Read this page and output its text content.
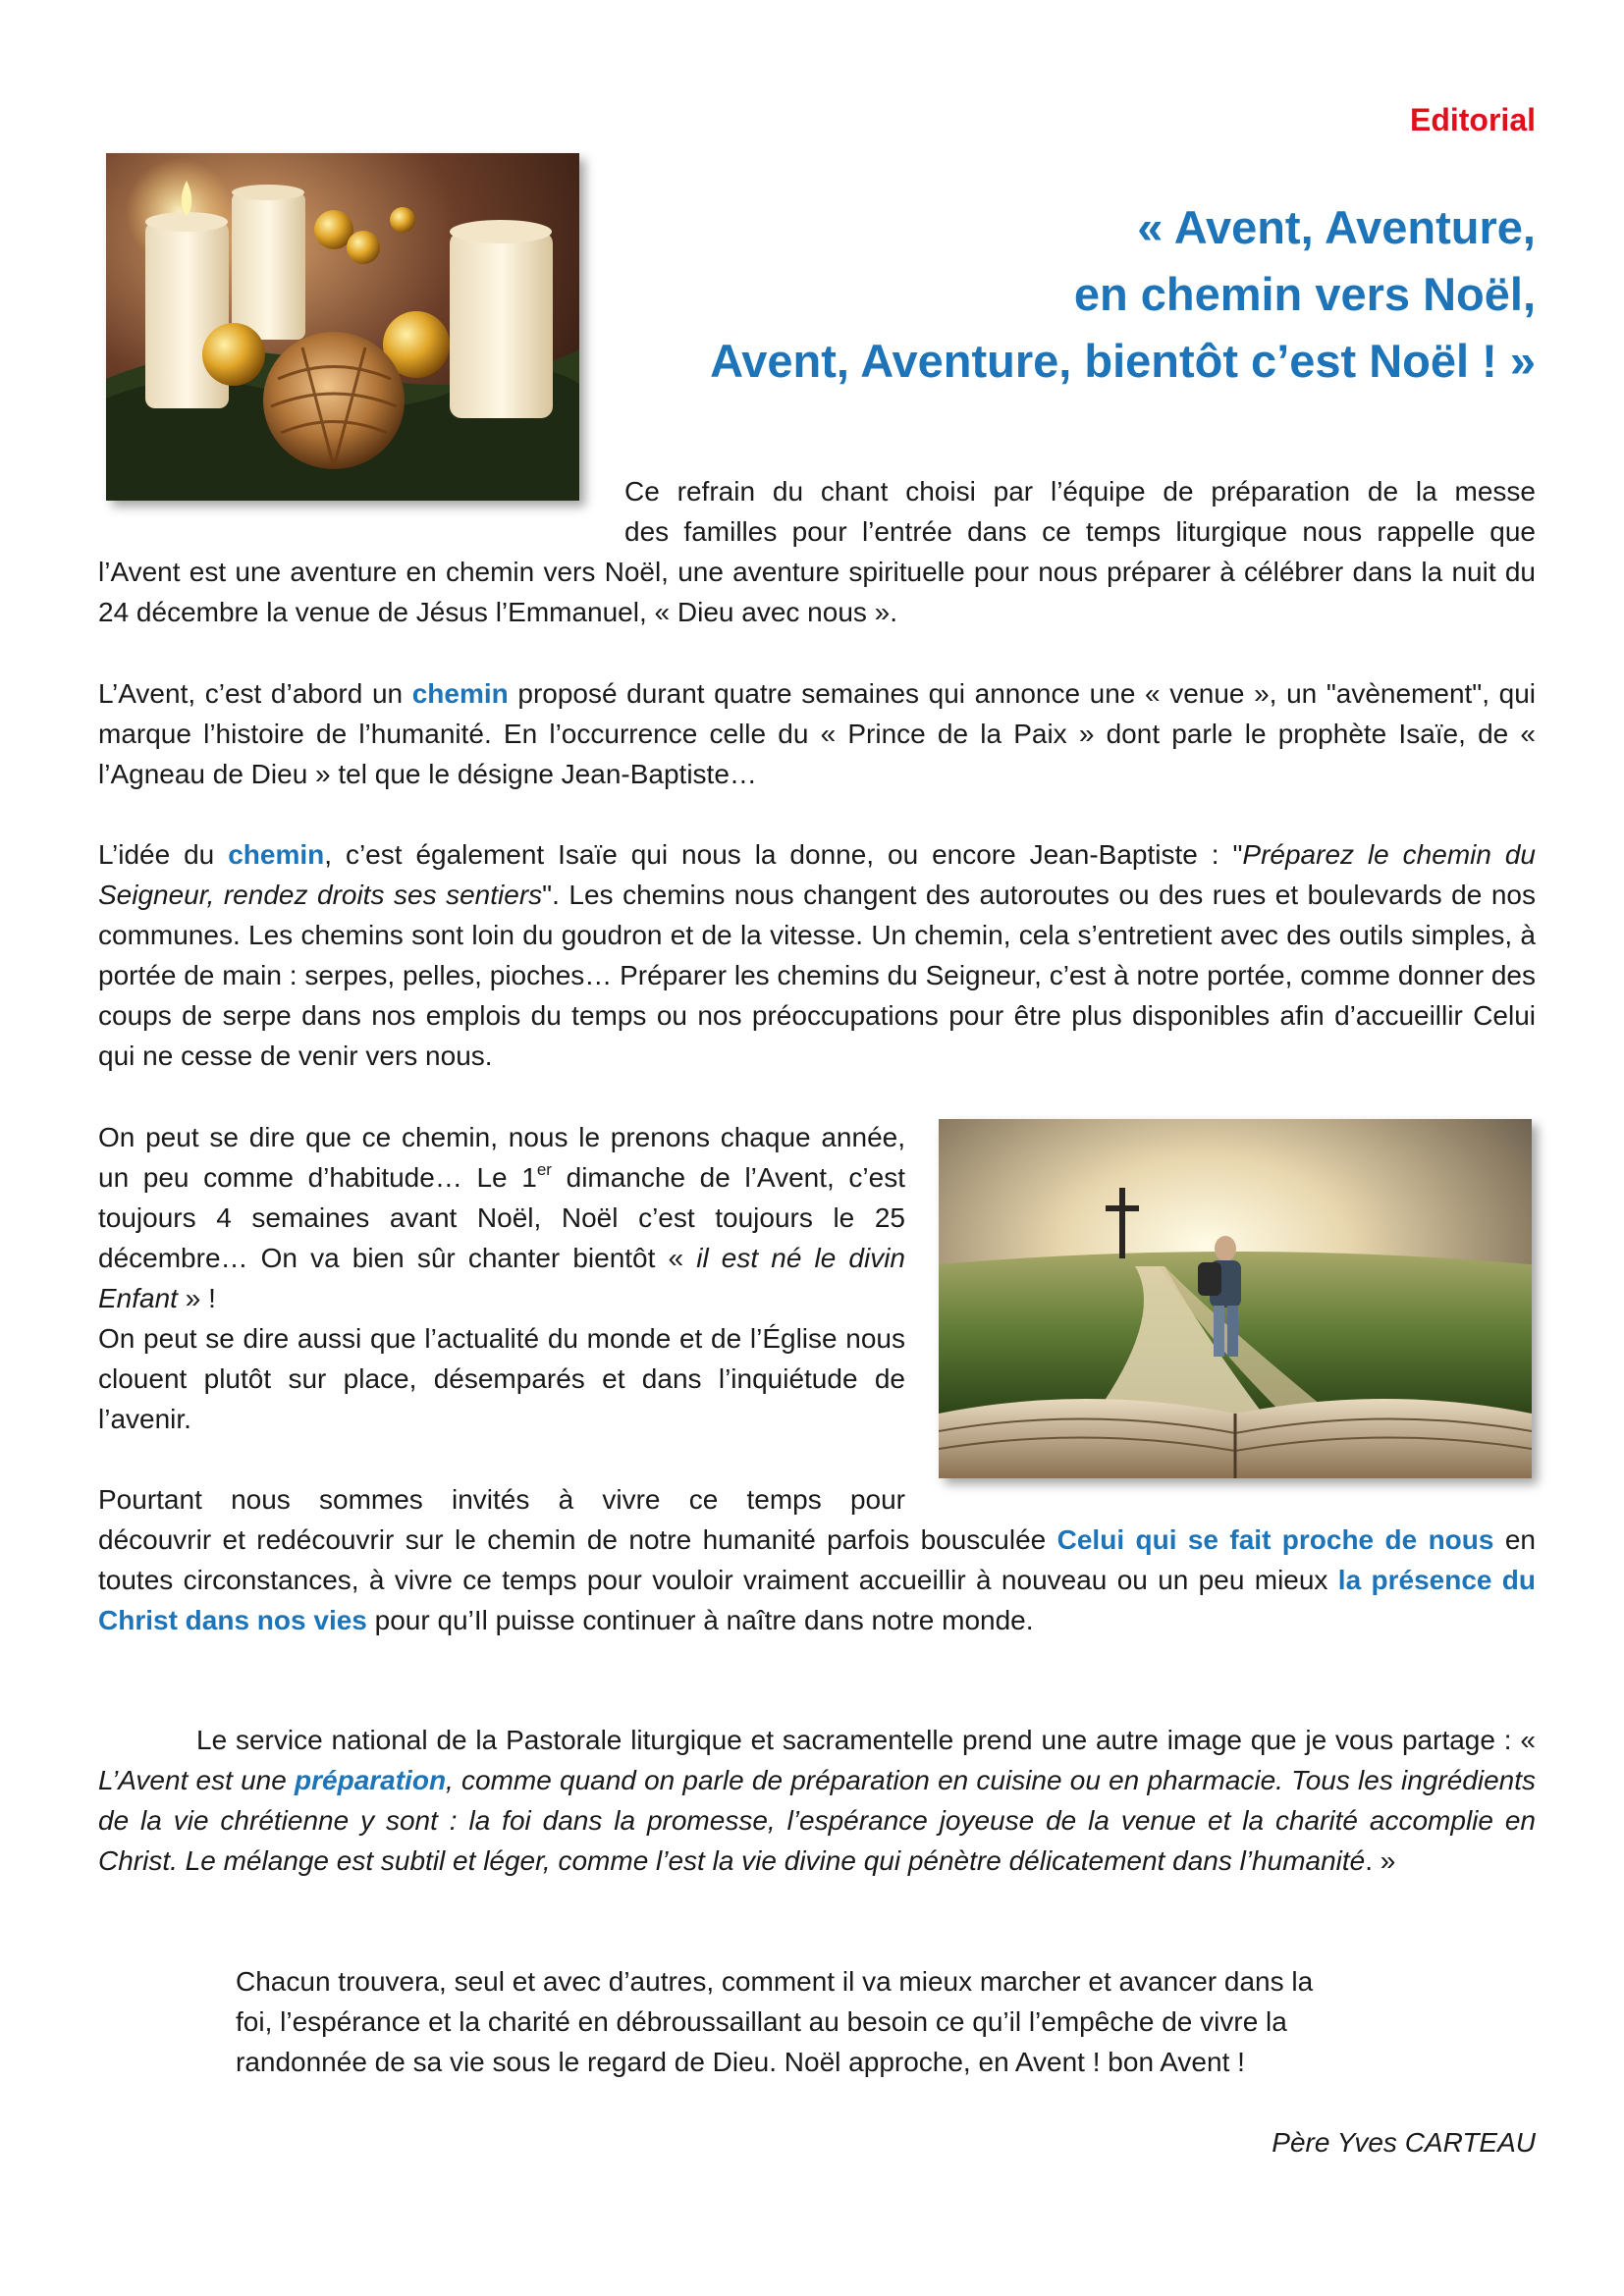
Editorial
« Avent, Aventure,
en chemin vers Noël,
Avent, Aventure, bientôt c’est Noël ! »
Ce refrain du chant choisi par l’équipe de préparation de la messe
des familles pour l’entrée dans ce temps liturgique nous rappelle que
l’Avent est une aventure en chemin vers Noël, une aventure spirituelle pour nous préparer à célébrer dans la nuit du 24 décembre la venue de Jésus l’Emmanuel, « Dieu avec nous ».

L’Avent, c’est d’abord un chemin proposé durant quatre semaines qui annonce une « venue », un "avènement", qui marque l’histoire de l’humanité. En l’occurrence celle du « Prince de la Paix » dont parle le prophète Isaïe, de « l’Agneau de Dieu » tel que le désigne Jean-Baptiste…

L’idée du chemin, c’est également Isaïe qui nous la donne, ou encore Jean-Baptiste : "Préparez le chemin du Seigneur, rendez droits ses sentiers". Les chemins nous changent des autoroutes ou des rues et boulevards de nos communes. Les chemins sont loin du goudron et de la vitesse. Un chemin, cela s’entretient avec des outils simples, à portée de main : serpes, pelles, pioches… Préparer les chemins du Seigneur, c’est à notre portée, comme donner des coups de serpe dans nos emplois du temps ou nos préoccupations pour être plus disponibles afin d’accueillir Celui qui ne cesse de venir vers nous.

On peut se dire que ce chemin, nous le prenons chaque année, un peu comme d’habitude… Le 1er dimanche de l’Avent, c’est toujours 4 semaines avant Noël, Noël c’est toujours le 25 décembre… On va bien sûr chanter bientôt « il est né le divin Enfant » !

On peut se dire aussi que l’actualité du monde et de l’Église nous clouent plutôt sur place, désemparés et dans l’inquiétude de l’avenir.

Pourtant nous sommes invités à vivre ce temps pour
découvrir et redécouvrir sur le chemin de notre humanité parfois bousculée Celui qui se fait proche de nous en toutes circonstances, à vivre ce temps pour vouloir vraiment accueillir à nouveau ou un peu mieux la présence du Christ dans nos vies pour qu’Il puisse continuer à naître dans notre monde.

Le service national de la Pastorale liturgique et sacramentelle prend une autre image que je vous partage : « L’Avent est une préparation, comme quand on parle de préparation en cuisine ou en pharmacie. Tous les ingrédients de la vie chrétienne y sont : la foi dans la promesse, l’espérance joyeuse de la venue et la charité accomplie en Christ. Le mélange est subtil et léger, comme l’est la vie divine qui pénètre délicatement dans l’humanité. »

Chacun trouvera, seul et avec d’autres, comment il va mieux marcher et avancer dans la
foi, l’espérance et la charité en débroussaillant au besoin ce qu’il l’empêche de vivre la
randonnée de sa vie sous le regard de Dieu. Noël approche, en Avent ! bon Avent !
Père Yves CARTEAU
